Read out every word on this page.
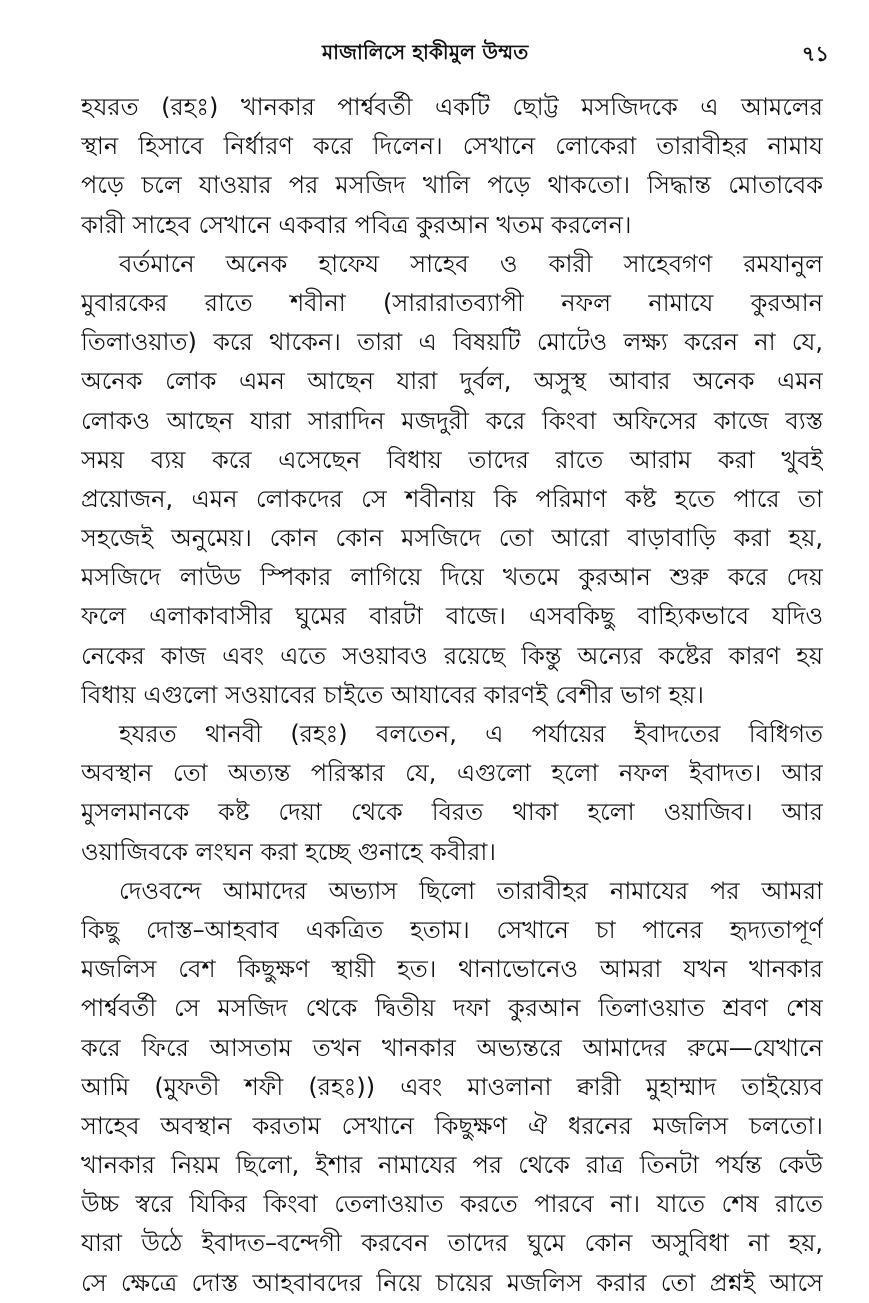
মাজালিসে হাকীমুল উম্মত	৭১
হযরত (রহঃ) খানকার পার্শ্ববর্তী একটি ছোট্ট মসজিদকে এ আমলের
স্থান হিসাবে নির্ধারণ করে দিলেন। সেখানে লোকেরা তারাবীহর নামায
পড়ে চলে যাওয়ার পর মসজিদ খালি পড়ে থাকতো। সিদ্ধান্ত মোতাবেক
কারী সাহেব সেখানে একবার পবিত্র কুরআন খতম করলেন।
বর্তমানে অনেক হাফেয সাহেব ও কারী সাহেবগণ রমযানুল
মুবারকের রাতে শবীনা (সারারাতব্যাপী নফল নামাযে কুরআন
তিলাওয়াত) করে থাকেন। তারা এ বিষয়টি মোটেও লক্ষ্য করেন না যে,
অনেক লোক এমন আছেন যারা দুর্বল, অসুস্থ আবার অনেক এমন
লোকও আছেন যারা সারাদিন মজদুরী করে কিংবা অফিসের কাজে ব্যস্ত
সময় ব্যয় করে এসেছেন বিধায় তাদের রাতে আরাম করা খুবই
প্রয়োজন, এমন লোকদের সে শবীনায় কি পরিমাণ কষ্ট হতে পারে তা
সহজেই অনুমেয়। কোন কোন মসজিদে তো আরো বাড়াবাড়ি করা হয়,
মসজিদে লাউড স্পিকার লাগিয়ে দিয়ে খতমে কুরআন শুরু করে দেয়
ফলে এলাকাবাসীর ঘুমের বারটা বাজে। এসবকিছু বাহ্যিকভাবে যদিও
নেকের কাজ এবং এতে সওয়াবও রয়েছে কিন্তু অন্যের কষ্টের কারণ হয়
বিধায় এগুলো সওয়াবের চাইতে আযাবের কারণই বেশীর ভাগ হয়।
হযরত থানবী (রহঃ) বলতেন, এ পর্যায়ের ইবাদতের বিধিগত
অবস্থান তো অত্যন্ত পরিস্কার যে, এগুলো হলো নফল ইবাদত। আর
মুসলমানকে কষ্ট দেয়া থেকে বিরত থাকা হলো ওয়াজিব। আর
ওয়াজিবকে লংঘন করা হচ্ছে গুনাহে কবীরা।
দেওবন্দে আমাদের অভ্যাস ছিলো তারাবীহর নামাযের পর আমরা
কিছু দোস্ত–আহবাব একত্রিত হতাম। সেখানে চা পানের হৃদ্যতাপূর্ণ
মজলিস বেশ কিছুক্ষণ স্থায়ী হত। থানাভোনেও আমরা যখন খানকার
পার্শ্ববর্তী সে মসজিদ থেকে দ্বিতীয় দফা কুরআন তিলাওয়াত শ্রবণ শেষ
করে ফিরে আসতাম তখন খানকার অভ্যন্তরে আমাদের রুমে—যেখানে
আমি (মুফতী শফী (রহঃ)) এবং মাওলানা ক্বারী মুহাম্মাদ তাইয়্যেব
সাহেব অবস্থান করতাম সেখানে কিছুক্ষণ ঐ ধরনের মজলিস চলতো।
খানকার নিয়ম ছিলো, ইশার নামাযের পর থেকে রাত্র তিনটা পর্যন্ত কেউ
উচ্চ স্বরে যিকির কিংবা তেলাওয়াত করতে পারবে না। যাতে শেষ রাতে
যারা উঠে ইবাদত–বন্দেগী করবেন তাদের ঘুমে কোন অসুবিধা না হয়,
সে ক্ষেত্রে দোস্ত আহবাবদের নিয়ে চায়ের মজলিস করার তো প্রশ্নই আসে
